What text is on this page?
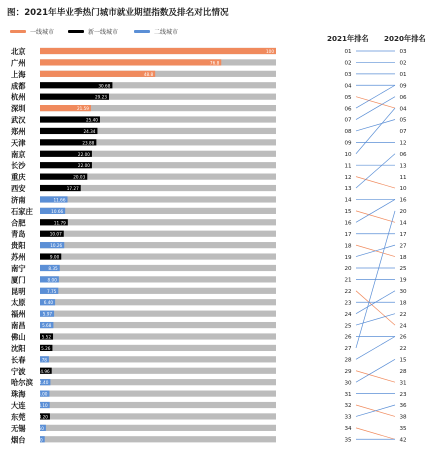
图：2021年毕业季热门城市就业期望指数及排名对比情况
一线城市	新一线城市	二线城市
2021年排名 2020年排名
100
北京	01	03
76.8
广州	02	02
48.8
上海	03	01
30.68
成都	04	09
29.23
杭州	05	06
21.59
深圳	06	04
25.40
武汉	07	05
24.34
郑州	08	07
23.88
天津	09	12
22.00
南京	10	06
22.00
长沙	11	13
20.03
重庆	12	11
17.27
西安	13	10
11.66
济南	14	16
10.66
石家庄	15	20
11.79
合肥	16	14
10.07
青岛	17	17
10.26
贵阳	18	27
9.00
苏州	19	18
8.35
南宁	20	25
8.00
厦门	21	19
7.75
昆明	22	30
6.40
太原	23	18
5.97
福州	24	22
5.68
南昌	25	24
5.52
佛山	26	26
5.26
沈阳	27	22
3.78
长春	28	15
4.96
宁波	29	28
4.40
哈尔滨	30	31
4.00
珠海	31	23
4.10
大连	32	36
4.20
东莞	33	38
2.50
无锡	34	35
2.00
烟台	35	42
